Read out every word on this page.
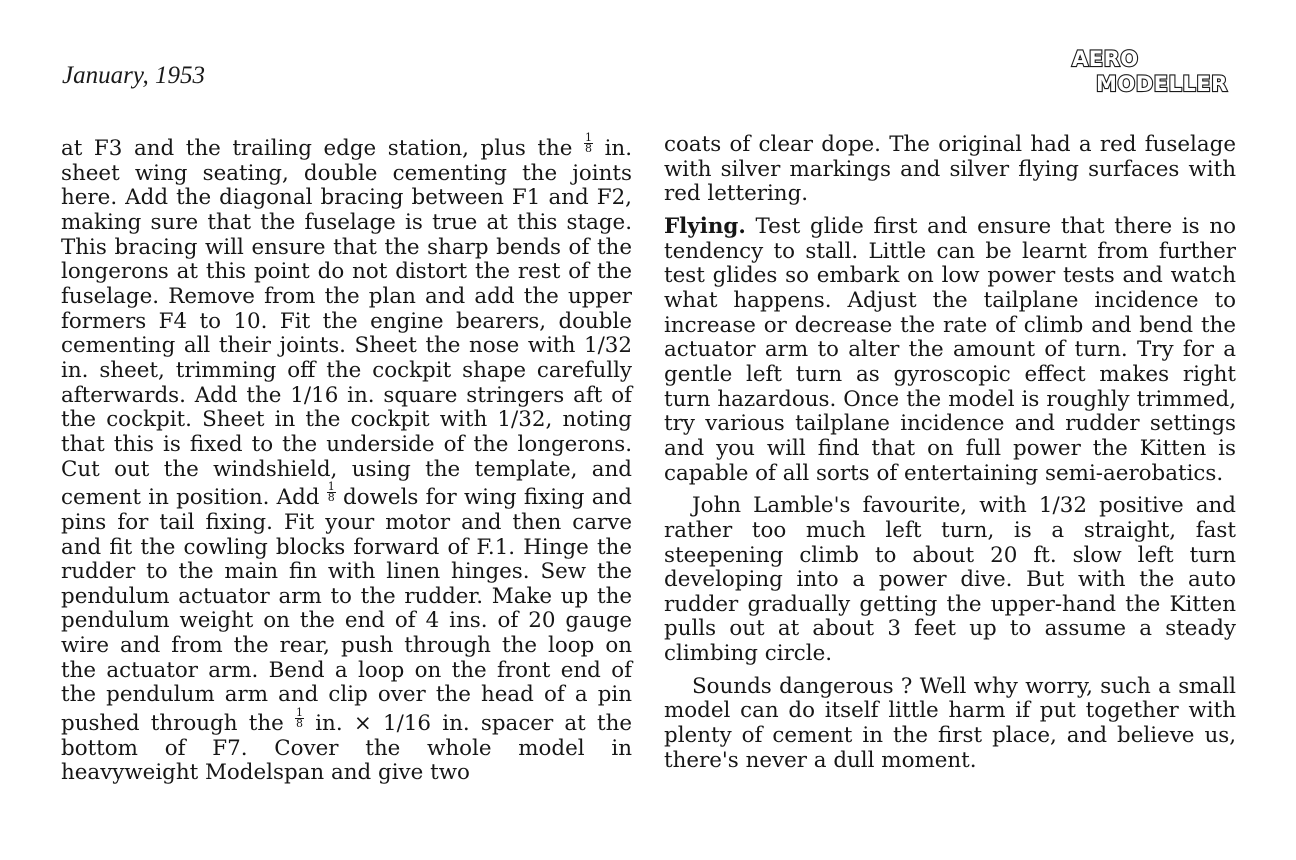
January, 1953
AERO
MODELLER

at F3 and the trailing edge station, plus the $\frac{1}{8}$ in. sheet wing seating, double cementing the joints here. Add the diagonal bracing between F1 and F2, making sure that the fuselage is true at this stage. This bracing will ensure that the sharp bends of the longerons at this point do not distort the rest of the fuselage. Remove from the plan and add the upper formers F4 to 10. Fit the engine bearers, double cementing all their joints. Sheet the nose with 1/32 in. sheet, trimming off the cockpit shape carefully afterwards. Add the 1/16 in. square stringers aft of the cockpit. Sheet in the cockpit with 1/32, noting that this is fixed to the underside of the longerons. Cut out the windshield, using the template, and cement in position. Add $\frac{1}{8}$ dowels for wing fixing and pins for tail fixing. Fit your motor and then carve and fit the cowling blocks forward of F.1. Hinge the rudder to the main fin with linen hinges. Sew the pendulum actuator arm to the rudder. Make up the pendulum weight on the end of 4 ins. of 20 gauge wire and from the rear, push through the loop on the actuator arm. Bend a loop on the front end of the pendulum arm and clip over the head of a pin pushed through the $\frac{1}{8}$ in. × 1/16 in. spacer at the bottom of F7. Cover the whole model in heavyweight Modelspan and give two

coats of clear dope. The original had a red fuselage with silver markings and silver flying surfaces with red lettering.

Flying. Test glide first and ensure that there is no tendency to stall. Little can be learnt from further test glides so embark on low power tests and watch what happens. Adjust the tailplane incidence to increase or decrease the rate of climb and bend the actuator arm to alter the amount of turn. Try for a gentle left turn as gyroscopic effect makes right turn hazardous. Once the model is roughly trimmed, try various tailplane incidence and rudder settings and you will find that on full power the Kitten is capable of all sorts of entertaining semi-aerobatics.

John Lamble's favourite, with 1/32 positive and rather too much left turn, is a straight, fast steepening climb to about 20 ft. slow left turn developing into a power dive. But with the auto rudder gradually getting the upper-hand the Kitten pulls out at about 3 feet up to assume a steady climbing circle.

Sounds dangerous ? Well why worry, such a small model can do itself little harm if put together with plenty of cement in the first place, and believe us, there's never a dull moment.
